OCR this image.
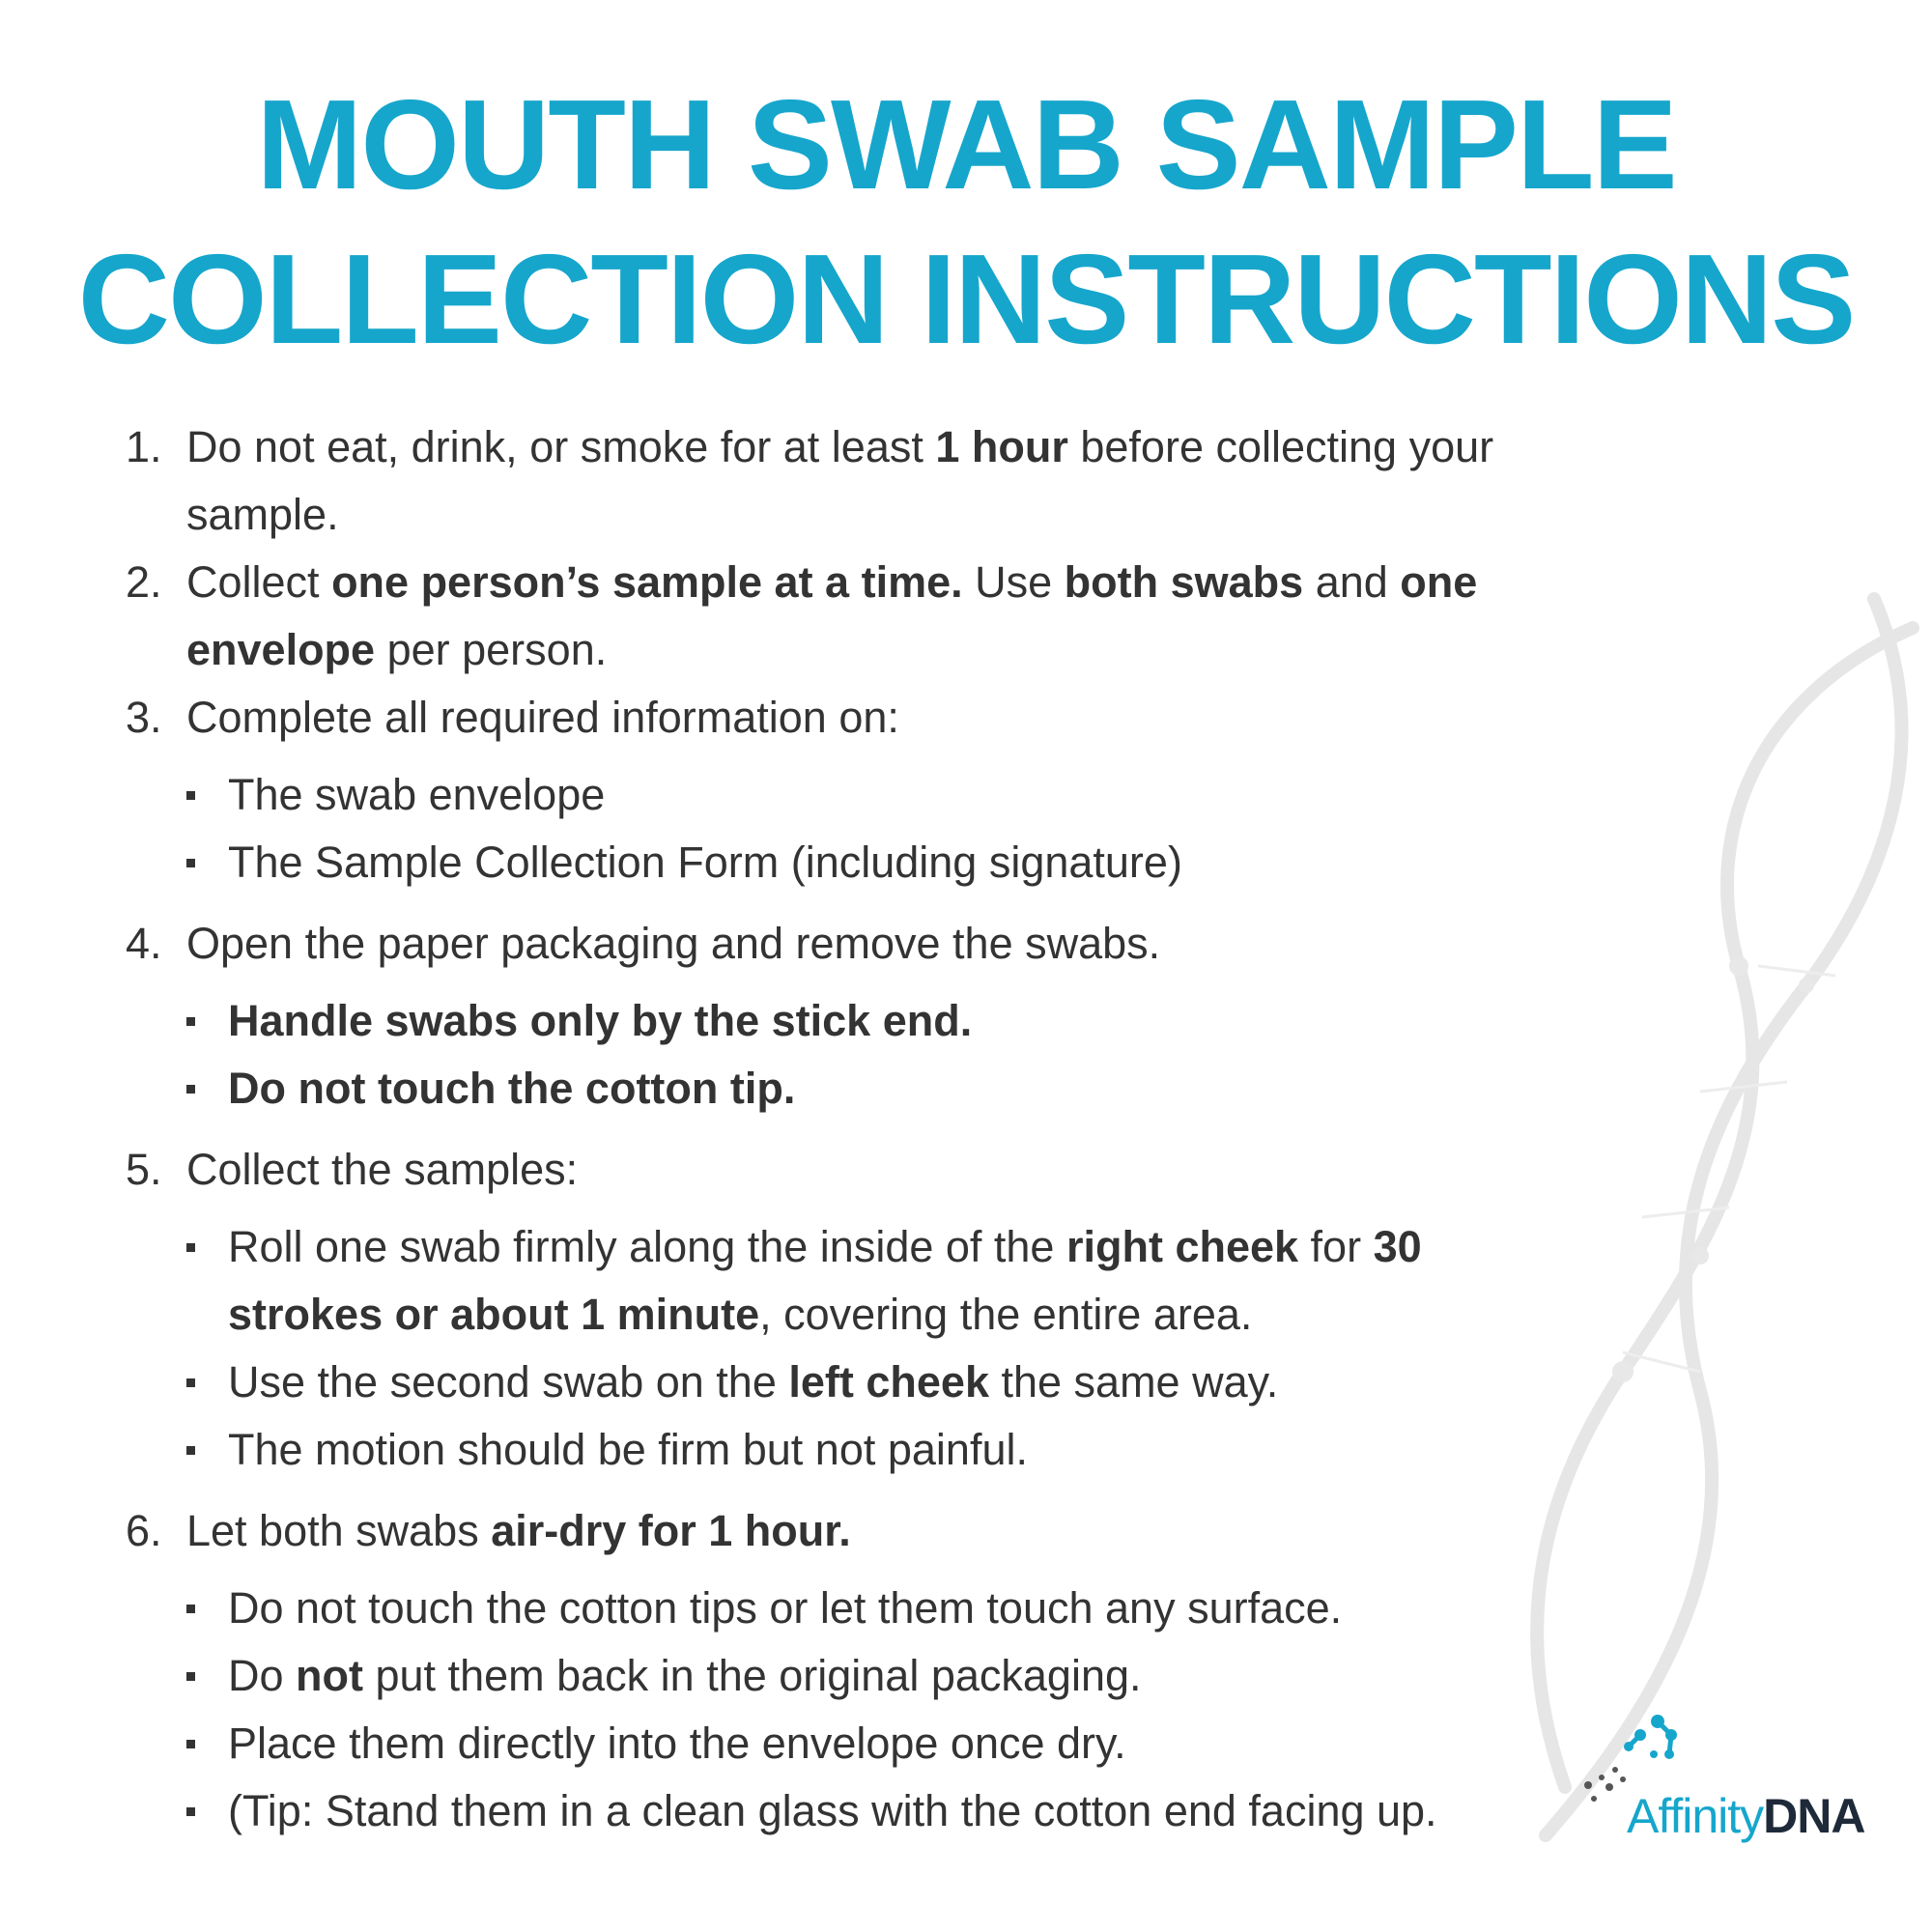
MOUTH SWAB SAMPLE
COLLECTION INSTRUCTIONS
1. Do not eat, drink, or smoke for at least 1 hour before collecting your sample.
2. Collect one person’s sample at a time. Use both swabs and one envelope per person.
3. Complete all required information on:
The swab envelope
The Sample Collection Form (including signature)
4. Open the paper packaging and remove the swabs.
Handle swabs only by the stick end.
Do not touch the cotton tip.
5. Collect the samples:
Roll one swab firmly along the inside of the right cheek for 30 strokes or about 1 minute, covering the entire area.
Use the second swab on the left cheek the same way.
The motion should be firm but not painful.
6. Let both swabs air-dry for 1 hour.
Do not touch the cotton tips or let them touch any surface.
Do not put them back in the original packaging.
Place them directly into the envelope once dry.
(Tip: Stand them in a clean glass with the cotton end facing up.	AffinityDNA
